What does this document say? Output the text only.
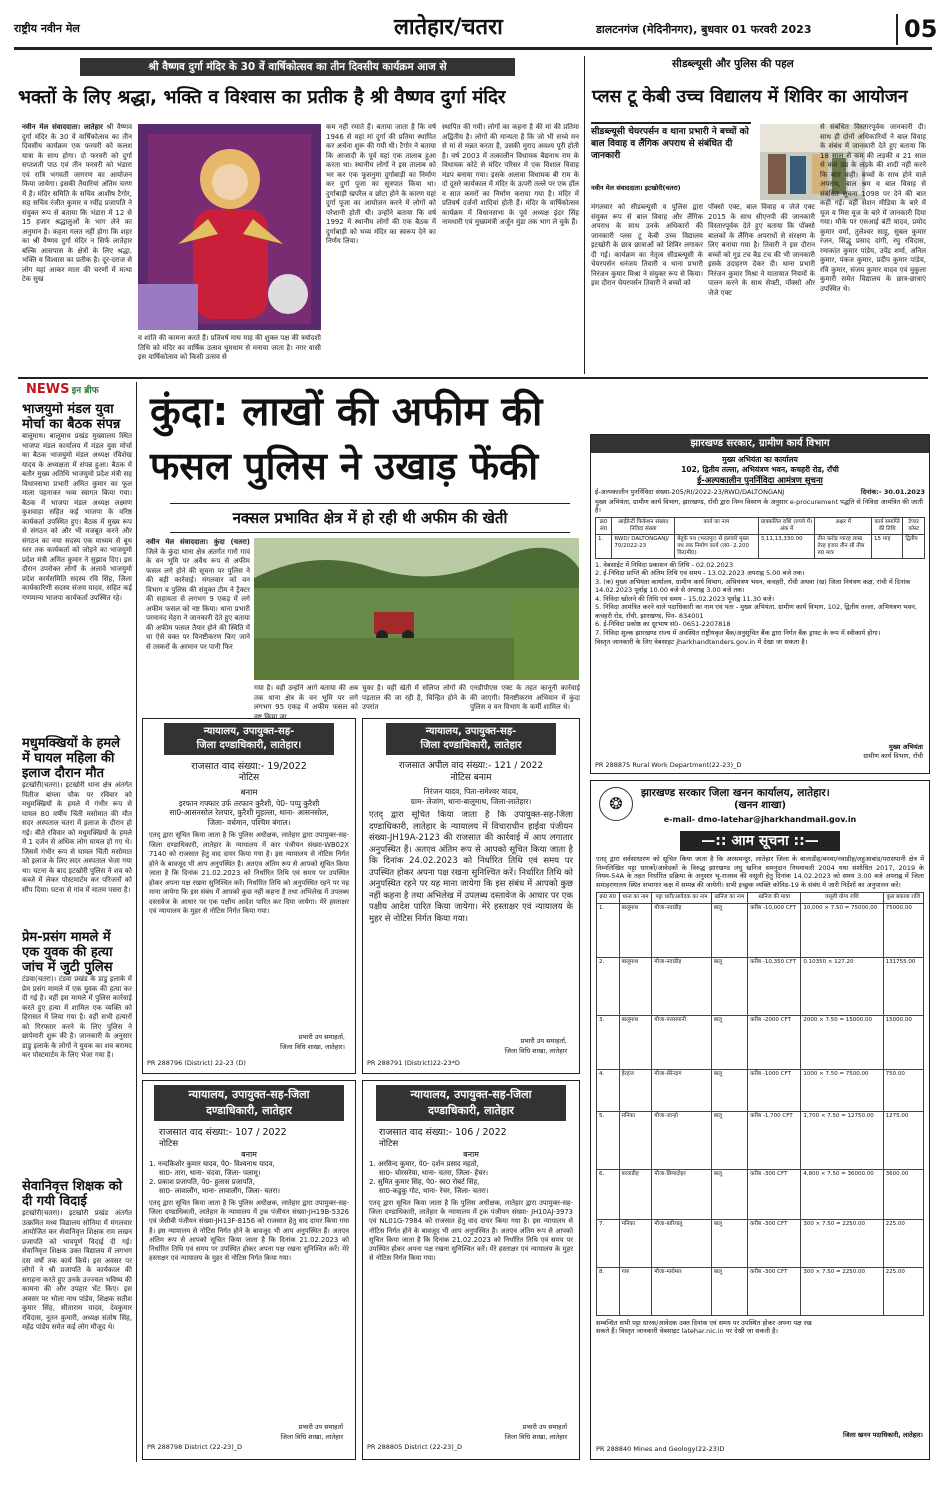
राष्ट्रीय नवीन मेल	लातेहार/चतरा	डालटनगंज (मेदिनीनगर), बुधवार 01 फरवरी 2023	05
श्री वैष्णव दुर्गा मंदिर के 30 वें वार्षिकोत्सव का तीन दिवसीय कार्यक्रम आज से
भक्तों के लिए श्रद्धा, भक्ति व विश्वास का प्रतीक है श्री वैष्णव दुर्गा मंदिर
नवीन मेल संवाददाता। लातेहार श्री वैष्णव दुर्गा मंदिर के 30 वें वार्षिकोत्सव का तीन दिवसीय कार्यक्रम एक फरवरी को कलश यात्रा के साथ होगा। दो फरवरी को दुर्गा सप्तशती पाठ एवं तीन फरवरी को भंडारा एवं रात्रि भगवती जागरण का आयोजन किया जायेगा। इसकी तैयारियां अंतिम चरण में है। मंदिर समिति के सचिव आशीष टैगोर, सह सचिव रंजीत कुमार व रवींद्र प्रजापति ने संयुक्त रूप से बताया कि भंडारा में 12 से 15 हजार श्रद्धालुओं के भाग लेने का अनुमान है। कहना गलत नहीं होगा कि शहर का श्री वैष्णव दुर्गा मंदिर न सिर्फ लातेहार बल्कि आसपास के क्षेत्रों के लिए श्रद्धा, भक्ति व विश्वास का प्रतीक है। दूर-दराज से लोग यहां आकर माता की चरणों में मत्था टेक सुख
व शांति की कामना करते हैं। प्रतिवर्ष माघ माह की शुक्ल पक्ष की त्रयोदशी तिथि को मंदिर का वार्षिक उत्सव धूमधाम से मनाया जाता है। नगर वासी इस वार्षिकोत्सव को किसी उत्सव से
कम नहीं रमाते हैं। बताया जाता है कि वर्ष 1946 से यहां मां दुर्गा की प्रतिमा स्थापित कर अर्चना शुरू की गयी थी। टैगोर ने बताया कि आजादी के पूर्व यहां एक तालाब हुआ करता था। स्थानीय लोगों ने इस तालाब को भर कर एक फूसनुमा दुर्गाबाड़ी का निर्माण कर दुर्गा पूजा का सूत्रपात किया था। दुर्गाबाड़ी खपरैल व छोटा होने के कारण यहां दुर्गा पूजा का आयोजन करने में लोगों को परेशानी होती थी। उन्होंने बताया कि वर्ष 1992 में स्थानीय लोगों की एक बैठक में दुर्गाबाड़ी को भव्य मंदिर का स्वरूप देने का निर्णय लिया।
स्थापित की गयी। लोगों का कहना है की मां की प्रतिमा अद्वितीय है। लोगों की मान्यता है कि जो भी सच्चे मन से मां से मन्नत करता है, उसकी मुराद अवश्य पूरी होती है। वर्ष 2003 में तत्कालीन विधायक बैद्यनाथ राम के विधायक कोटे से मंदिर परिसर में एक विशाल विवाह मंडप बनाया गया। इसके अलावा विधायक बी राम के दो दूसरे कार्यकाल में मंदिर के ऊपरी तल्ले पर एक हॉल व सात कमरों का निर्माण कराया गया है। मंदिर में प्रतिवर्ष दर्जनों शादियां होती हैं। मंदिर के वार्षिकोत्सव कार्यक्रम में विधानसभा के पूर्व अध्यक्ष इंदर सिंह नामधारी एवं मुख्यमंत्री अर्जुन मुंडा तक भाग ले चुके हैं।
सीडब्ल्यूसी और पुलिस की पहल
प्लस टू केबी उच्च विद्यालय में शिविर का आयोजन
सीडब्ल्यूसी चेयरपर्सन व थाना प्रभारी ने बच्चों को बाल विवाह व लैंगिक अपराध से संबंधित दी जानकारी
नवीन मेल संवाददाता। इटखोरी(चतरा)
मंगलवार को सीडब्ल्यूसी व पुलिस द्वारा संयुक्त रूप से बाल विवाह और लैंगिक अपराध के साथ उनके अधिकारों की जानकारी प्लस टू केबी उच्च विद्यालय इटखोरी के छात्र छात्राओं को शिविर लगाकर दी गई। कार्यक्रम का नेतृत्व सीडब्ल्यूसी के चेयरपर्सन धनंजय तिवारी व थाना प्रभारी निरंजन कुमार मिश्रा ने संयुक्त रूप से किया। इस दौरान चेयरपर्सन तिवारी ने बच्चों को
पॉक्सो एक्ट, बाल विवाह व जेजे एक्ट 2015 के साथ सीएनपी की जानकारी विस्तारपूर्वक देते हुए बताया कि पॉक्सो बालकों के लैंगिक अपराधों से संरक्षण के लिए बनाया गया है। तिवारी ने इस दौरान बच्चों को गुड टच बैड टच की भी जानकारी इसके उदाहरण देकर दी। थाना प्रभारी निरंजन कुमार मिश्रा ने यातायात नियमों के पालन करने के साथ सेफ्टी, पॉक्सो और जेजे एक्ट
से संबंधित विस्तारपूर्वक जानकारी दी। साथ ही दोनों अधिकारियों ने बाल विवाह के संबंध में जानकारी देते हुए बताया कि 18 साल से कम की लड़की व 21 साल से कम उम्र के लड़के की शादी नहीं करने कि बात कही। बच्चों के साथ होने वाले अपराध, बाल श्रम व बाल विवाह से संबंधित सूचना 1098 पर देने की बात कही गई। वहीं सेशन मीडिया के बारे में यूज व मिस यूज के बारे में जानकारी दिया गया। मौके पर एसआई बंटी यादव, प्रमोद कुमार वर्मा, तुलेश्वर साहू, सुबल कुमार रंजन, सिद्धू प्रसाद दांगी, रघु रविदास, रमाकांत कुमार पांडेय, उपेंद्र शर्मा, अनिल कुमार, पंकज कुमार, प्रदीप कुमार पांडेय, रवि कुमार, संजय कुमार यादव एवं मुकुला कुमारी समेत विद्यालय के छात्र-छात्राएं उपस्थित थे।
NEWS इन ब्रीफ
भाजयुमो मंडल युवा मोर्चा का बैठक संपन्न
बालूमाथ। बालूमाथ प्रखंड मुख्यालय स्थित भाजपा मंडल कार्यालय में मंडल युवा मोर्चा का बैठक भाजयुमो मंडल अध्यक्ष रविशेख यादव के अध्यक्षता में संपन्न हुआ। बैठक में बतौर मुख्य अतिथि भाजयुमो प्रदेश मंत्री सह विधानसभा प्रभारी अमित कुमार का फूल माला पहनाकर भव्य स्वागत किया गया। बैठक में भाजपा मंडल अध्यक्ष लक्ष्मण कुशवाहा सहित कई भाजपा के वरिष्ठ कार्यकर्ता उपस्थित हुए। बैठक में मुख्य रूप से संगठन को और भी मजबूत करने और संगठन का नया सदस्य एक माध्यम से बूथ स्तर तक कार्यकर्ता को जोड़ने का भाजयुमो प्रदेश मंत्री अमित कुमार ने सुझाव दिए। इस दौरान उपरोक्त लोगों के अलावे भाजयुमो प्रदेश कार्यसमिति सदस्य रवि सिंह, जिला कार्यकारिणी सदस्य संजय यादव, सहित कई गणमान्य भाजपा कार्यकर्ता उपस्थित रहे।
मधुमक्खियों के हमले में घायल महिला की इलाज दौरान मौत
इटखोरी(चतरा)। इटखोरी थाना क्षेत्र अंतर्गत पितीज बांग्ला चौक पर रविवार को मधुमक्खियों के हमले में गंभीर रूप से घायल 80 वर्षीय चिंती मसोमात की मौत सदर अस्पताल चतरा में इलाज के दौरान हो गई। बीते रविवार को मधुमक्खियों के हमले में 1 दर्जन से अधिक लोग घायल हो गए थे। जिसमें गंभीर रूप से घायल चिंती मसोमात को इलाज के लिए सदर अस्पताल भेजा गया था। घटना के बाद इटखोरी पुलिस ने शव को कब्जे में लेकर पोस्टमार्टम कर परिजनों को सौंप दिया। घटना से गांव में मातम पसरा है।
प्रेम-प्रसंग मामले में एक युवक की हत्या जांच में जुटी पुलिस
टंडवा(चतरा)। टंडवा प्रखंड के डाडु इलाके में प्रेम प्रसंग मामले में एक युवक की हत्या कर दी गई है। वहीं इस मामले में पुलिस कार्रवाई करते हुए हत्या में शामिल एक व्यक्ति को हिरासत में लिया गया है। वहीं सभी हत्यारों को गिरफ्तार करने के लिए पुलिस ने छापेमारी शुरू की है। जानकारी के अनुसार डाडु इलाके के लोगों ने युवक का शव बरामद कर पोस्टमार्टम के लिए भेजा गया है।
सेवानिवृत्त शिक्षक को दी गयी विदाई
इटखोरी(चतरा)। इटखोरी प्रखंड अंतर्गत उत्क्रमित मध्य विद्यालय सोनिया में मंगलवार आयोजित कर सेवानिवृत्त शिक्षक राम लखन प्रजापति को भावपूर्ण विदाई दी गई। सेवानिवृत्त शिक्षक उक्त विद्यालय में लगभग दस वर्षों तक कार्य किये। इस अवसर पर लोगों ने श्री प्रजापति के कार्यकाल की सराहना करते हुए उनके उज्ज्वल भविष्य की कामना की और उपहार भेंट किए। इस अवसर पर भोला नाथ पांडेय, शिक्षक सतीश कुमार सिंह, सीताराम यादव, देवकुमार रविदास, नूतन कुमारी, अध्यक्ष संतोष सिंह, महेंद्र पांडेय समेत कई लोग मौजूद थे।
कुंदा: लाखों की अफीम की
फसल पुलिस ने उखाड़ फेंकी
नक्सल प्रभावित क्षेत्र में हो रही थी अफीम की खेती
नवीन मेल संवाददाता। कुंदा (चतरा) जिले के कुंदा थाना क्षेत्र अंतर्गत गारो गावं के वन भूमि पर अवैध रूप से अफीम फसल लगे होने की सूचना पर पुलिस ने की बड़ी कार्रवाई। मंगलवार को वन विभाग व पुलिस की संयुक्त टीम ने ट्रैक्टर की सहायता से लगभग 9 एकड़ में लगे अफीम फसल को नष्ट किया। थाना प्रभारी परमानंद मेहरा ने जानकारी देते हुए बताया की अफीम फसल तैयार होने की स्थिति में था ऐसे वक्त पर विनष्टीकरण किए जाने से तस्करों के अरमान पर पानी फिर
गया है। वहीं उन्होंने आगे बताया की अब तक थाना क्षेत्र के वन भूमि पर लगे लगभग 95 एकड़ में अफीम फसल को नष्ट किया जा
चुका है। वहीं खेती में संलिप्त लोगों की पड़ताल की जा रही है, चिन्हित होने के उपरांत
एनडीपीएस एक्ट के तहत कानूनी कार्रवाई की जाएगी। विनष्टीकरण अभियान में कुंदा पुलिस व वन विभाग के कर्मी शामिल थे।
झारखण्ड सरकार, ग्रामीण कार्य विभाग
मुख्य अभियंता का कार्यालय
102, द्वितीय तल्ला, अभियंत्रण भवन, कचहरी रोड, राँची
ई-अल्पकालीन पुनर्निविदा आमंत्रण सूचना
ई-अल्पकालीन पुनर्निविदा संख्या-205/RI/2022-23/RWD/DALTONGANJ	दिनांक:- 30.01.2023
मुख्य अभियंता, ग्रामीण कार्य विभाग, झारखण्ड, राँची द्वारा निम्न विवरण के अनुसार e-procurement पद्धति से निविदा आमंत्रित की जाती है।
क्र0 सं0	आईडेन्टी फिकेशन संख्या/ निविदा संख्या	कार्य का नाम	प्राक्कलित राशि (रुपये में) अंक में	अक्षर में	कार्य समाप्ति की तिथि	टेण्डर कोस्ट
1.	RWD/ DALTONGANJ/ 70/2022-23	बेतुके पथ (भरतपुर) से हलवारे मुख्य पथ तक निर्माण कार्य (लं0- 2.200 कि0मी0)	3,11,13,330.00	तीन करोड़ ग्यारह लाख तेरह हजार तीन सौ तीस रु0 मात्र	15 माह	द्वितीय
1. वेबसाईट में निविदा प्रकाशन की तिथि - 02.02.2023
2. ई-निविदा प्राप्ति की अंतिम तिथि एवं समय - 13.02.2023 अपराह्न 5.00 बजे तक।
3. (क) मुख्य अभियंता कार्यालय, ग्रामीण कार्य विभाग, अभियंत्रण भवन, कचहरी, राँची अथवा (ख) जिला नियंत्रण कक्ष, रांची में दिनांक 14.02.2023 पूर्वाह्न 10.00 बजे से अपराह्न 3.00 बजे तक।
4. निविदा खोलने की तिथि एवं समय - 15.02.2023 पूर्वाह्न 11.30 बजे।
5. निविदा आमंत्रित करने वाले पदाधिकारी का नाम एवं पता - मुख्य अभियंता, ग्रामीण कार्य विभाग, 102, द्वितीय तल्ला, अभियंत्रण भवन, कचहरी रोड, राँची, झारखण्ड, पिन- 834001
6. ई-निविदा प्रकोष्ठ का दूरभाष सं0- 0651-2207818
7. निविदा शुल्क झारखण्ड राज्य में अवस्थित राष्ट्रीयकृत बैंक/अनुसूचित बैंक द्वारा निर्गत बैंक ड्राफ्ट के रूप में स्वीकार्य होगा।
विस्तृत जानकारी के लिए वेबसाइट jharkhandtenders.gov.in में देखा जा सकता है।
मुख्य अभियंता
ग्रामीण कार्य विभाग, राँची
PR 288875 Rural Work Department(22-23)_D
❂
झारखण्ड सरकार जिला खनन कार्यालय, लातेहार।
(खनन शाखा)
e-mail- dmo-latehar@jharkhandmail.gov.in
—:: आम सूचना ::—
एतद् द्वारा सर्वसाधारण को सूचित किया जाता है कि अरसमन्दुर, लातेहार जिला के बालाडीह/बनवा/नवाडीह/लहुआबांड/परासपानी क्षेत्र में निम्नलिखित पट्टा धारकों/आवेदकों के विरुद्ध झारखण्ड लघु खनिज समनुदान नियमावली 2004 यथा संशोधित 2017, 2019 के नियम-54A के तहत निर्धारित प्रक्रिया के अनुसार भू-राजस्व की वसूली हेतु दिनांक 14.02.2023 को समय 3.00 बजे अपराह्न में जिला समाहरणालय स्थित सभागार कक्ष में सम्पन्न की जायेगी। सभी इच्छुक व्यक्ति कोविड-19 के संबंध में जारी निर्देशों का अनुपालन करें।
क्र0 सं0	थाना का नाम	पट्टा धारी/आवेदक का नाम	खनिज का नाम	खनिज की मात्रा	वसूली योग्य राशि	कुल बकाया राशि
1.	बालूमाथ	मौजा-नवाडीह	बालू	करीब -10,000 CFT	10,000 × 7.50 = 75000.00	75000.00
2.	बालूमाथ	मौजा-नवाडीह	बालू	करीब -10,350 CFT	0.10350 × 127.20	131755.00
3.	बालूमाथ	मौजा-परासपानी	बालू	करीब -2000 CFT	2000 × 7.50 = 15000.00	15000.00
4.	हेरहंज	मौजा-सेरेन्दाग	बालू	करीब -1000 CFT	1000 × 7.50 = 7500.00	750.00
5.	मनिका	मौजा-जान्हो	बालू	करीब -1,700 CFT	1,700 × 7.50 = 12750.00	1275.00
6.	बरवाडीह	मौजा-छिपादोहर	बालू	करीब -300 CFT	4,800 × 7.50 = 36000.00	3600.00
7.	मनिका	मौजा-बारियातु	बालू	करीब -300 CFT	300 × 7.50 = 2250.00	225.00
8.	गारु	मौजा-मारोमार	बालू	करीब -300 CFT	300 × 7.50 = 2250.00	225.00
सम्बन्धित सभी पट्टा धारक/आवेदक उक्त दिनांक एवं समय पर उपस्थित होकर अपना पक्ष रख सकते हैं। विस्तृत जानकारी वेबसाइट latehar.nic.in पर देखी जा सकती है।
जिला खनन पदाधिकारी, लातेहार।
PR 288840 Mines and Geology(22-23)D
न्यायालय, उपायुक्त-सह-
जिला दण्डाधिकारी, लातेहार।
राजसात वाद संख्या:- 19/2022
नोटिस
बनाम
इरफान गफ्फार उर्फ तरफान कुरैशी, पे0- पप्पु कुरैशी
सा0-आसनसोल रेलपार, कुरैशी मुहल्ला, थाना- आसनसोल,
जिला- वर्धमान, पश्चिम बंगाल।
एतद् द्वारा सूचित किया जाता है कि पुलिस अधीक्षक, लातेहार द्वारा उपायुक्त-सह-जिला दण्डाधिकारी, लातेहार के न्यायालय में कार पंजीयन संख्या-WB02X 7140 को राजसात हेतु वाद दायर किया गया है। इस न्यायालय से नोटिस निर्गत होने के बावजूद भी आप अनुपस्थित है। अतएव अंतिम रूप से आपको सूचित किया जाता है कि दिनांक 21.02.2023 को निर्धारित तिथि एवं समय पर उपस्थित होकर अपना पक्ष रखना सुनिश्चित करें। निर्धारित तिथि को अनुपस्थित रहने पर यह माना जायेगा कि इस संबंध में आपको कुछ नहीं कहना है तथा अभिलेख में उपलब्ध दस्तावेज के आधार पर एक पक्षीय आदेश पारित कर दिया जायेगा। मेरे हस्ताक्षर एवं न्यायालय के मुहर से नोटिस निर्गत किया गया।
प्रभारी उप समाहर्ता,
जिला विधि शाखा, लातेहार।
PR 288796 (District) 22-23 (D)
न्यायालय, उपायुक्त-सह-
जिला दण्डाधिकारी, लातेहार
राजसात अपील वाद संख्या:- 121 / 2022
नोटिस बनाम
निरंजन यादव, पिता-समेश्वर यादव,
ग्राम- लेजांग, थाना-बालूमाथ, जिला-लातेहार।
एतद् द्वारा सूचित किया जाता है कि उपायुक्त-सह-जिला दण्डाधिकारी, लातेहार के न्यायालय में विचाराधीन हाईवा पंजीयन संख्या-JH19A-2123 की राजसात की कार्रवाई में आप लगातार अनुपस्थित हैं। अतएव अंतिम रूप से आपको सूचित किया जाता है कि दिनांक 24.02.2023 को निर्धारित तिथि एवं समय पर उपस्थित होकर अपना पक्ष रखना सुनिश्चित करें। निर्धारित तिथि को अनुपस्थित रहने पर यह माना जायेगा कि इस संबंध में आपको कुछ नहीं कहना है तथा अभिलेख में उपलब्ध दस्तावेज के आधार पर एक पक्षीय आदेश पारित किया जायेगा। मेरे हस्ताक्षर एवं न्यायालय के मुहर से नोटिस निर्गत किया गया।
प्रभारी उप समाहर्ता,
जिला विधि शाखा, लातेहार
PR 288791 (District)22-23*D
न्यायालय, उपायुक्त-सह-जिला
दण्डाधिकारी, लातेहार
राजसात वाद संख्या:- 107 / 2022
नोटिस
बनाम
1. नन्दकिशोर कुमार यादव, पे0- विश्वनाथ यादव,
सा0- तारा, थाना- चंदवा, जिला- पलामू।
2. प्रकाश प्रजापति, पे0- हुलास प्रजापति,
सा0- लावालौंग, थाना- लावालौंग, जिला- चतरा।
एतद् द्वारा सूचित किया जाता है कि पुलिस अधीक्षक, लातेहार द्वारा उपायुक्त-सह-जिला दण्डाधिकारी, लातेहार के न्यायालय में ट्रक पंजीयन संख्या-JH19B-5326 एवं जेसीबी पंजीयन संख्या-JH13F-8156 को राजसात हेतु वाद दायर किया गया है। इस न्यायालय से नोटिस निर्गत होने के बावजूद भी आप अनुपस्थित हैं। अतएव अंतिम रूप से आपको सूचित किया जाता है कि दिनांक 21.02.2023 को निर्धारित तिथि एवं समय पर उपस्थित होकर अपना पक्ष रखना सुनिश्चित करें। मेरे हस्ताक्षर एवं न्यायालय के मुहर से नोटिस निर्गत किया गया।
प्रभारी उप समाहर्ता
जिला विधि शाखा, लातेहार
PR 288798 District (22-23)_D
न्यायालय, उपायुक्त-सह-जिला
दण्डाधिकारी, लातेहार
राजसात वाद संख्या:- 106 / 2022
नोटिस
बनाम
1. अरविन्द कुमार, पे0- दर्शन प्रसाद महतो,
सा0- चोरसरेया, थाना- चतरा, जिला- हेंचर।
2. सुमित कुमार सिंह, पे0- स्व0 रोबर्ट सिंह,
सा0-कडुकु गोट, थाना- रेचर, जिला- चतरा।
एतद् द्वारा सूचित किया जाता है कि पुलिस अधीक्षक, लातेहार द्वारा उपायुक्त-सह-जिला दण्डाधिकारी, लातेहार के न्यायालय में ट्रक पंजीयन संख्या- JH10AJ-3973 एवं NL01G-7984 को राजसात हेतु वाद दायर किया गया है। इस न्यायालय से नोटिस निर्गत होने के बावजूद भी आप अनुपस्थित है। अतएव अंतिम रूप से आपको सूचित किया जाता है कि दिनांक 21.02.2023 को निर्धारित तिथि एवं समय पर उपस्थित होकर अपना पक्ष रखना सुनिश्चित करें। मेरे हस्ताक्षर एवं न्यायालय के मुहर से नोटिस निर्गत किया गया।
प्रभारी उप समाहर्ता
जिला विधि शाखा, लातेहार
PR 288805 District (22-23)_D
